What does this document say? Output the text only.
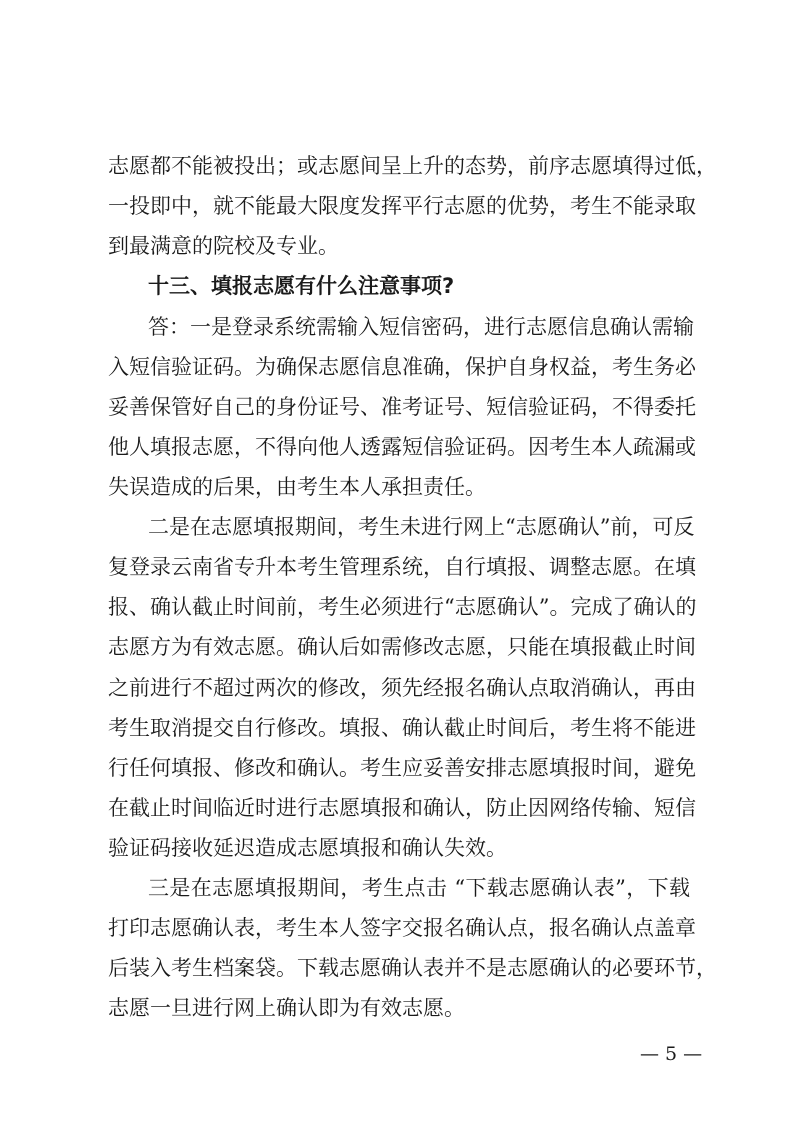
志愿都不能被投出；或志愿间呈上升的态势，前序志愿填得过低，
一投即中，就不能最大限度发挥平行志愿的优势，考生不能录取
到最满意的院校及专业。
十三、填报志愿有什么注意事项?
答：一是登录系统需输入短信密码，进行志愿信息确认需输
入短信验证码。为确保志愿信息准确，保护自身权益，考生务必
妥善保管好自己的身份证号、准考证号、短信验证码，不得委托
他人填报志愿，不得向他人透露短信验证码。因考生本人疏漏或
失误造成的后果，由考生本人承担责任。
二是在志愿填报期间，考生未进行网上“志愿确认”前，可反
复登录云南省专升本考生管理系统，自行填报、调整志愿。在填
报、确认截止时间前，考生必须进行“志愿确认”。完成了确认的
志愿方为有效志愿。确认后如需修改志愿，只能在填报截止时间
之前进行不超过两次的修改，须先经报名确认点取消确认，再由
考生取消提交自行修改。填报、确认截止时间后，考生将不能进
行任何填报、修改和确认。考生应妥善安排志愿填报时间，避免
在截止时间临近时进行志愿填报和确认，防止因网络传输、短信
验证码接收延迟造成志愿填报和确认失效。
三是在志愿填报期间，考生点击 “下载志愿确认表”，下载
打印志愿确认表，考生本人签字交报名确认点，报名确认点盖章
后装入考生档案袋。下载志愿确认表并不是志愿确认的必要环节，
志愿一旦进行网上确认即为有效志愿。
— 5 —
